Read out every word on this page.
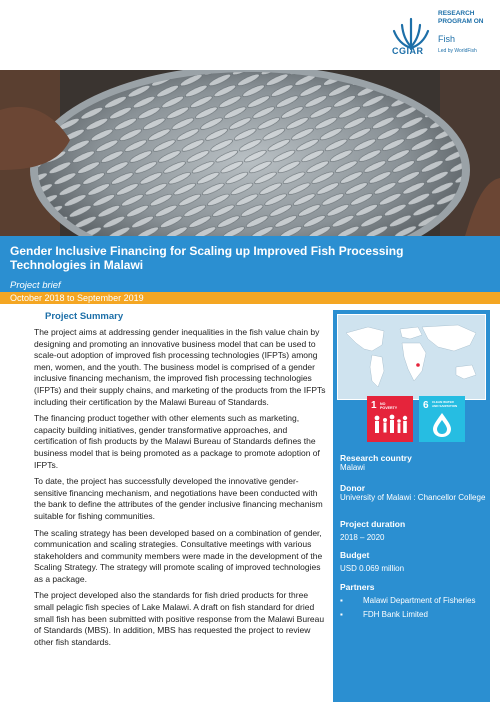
CGIAR
RESEARCH
PROGRAM ON
Fish
Led by WorldFish
Gender Inclusive Financing for Scaling up Improved Fish Processing Technologies in Malawi
Project brief
October 2018 to September 2019
Project Summary

The project aims at addressing gender inequalities in the fish value chain by designing and promoting an innovative business model that can be used to scale-out adoption of improved fish processing technologies (IFPTs) among men, women, and the youth. The business model is comprised of a gender inclusive financing mechanism, the improved fish processing technologies (IFPTs) and their supply chains, and marketing of the products from the IFPTs including their certification by the Malawi Bureau of Standards.

The financing product together with other elements such as marketing, capacity building initiatives, gender transformative approaches, and certification of fish products by the Malawi Bureau of Standards defines the business model that is being promoted as a package to promote adoption of IFPTs.

To date, the project has successfully developed the innovative gender-sensitive financing mechanism, and negotiations have been conducted with the bank to define the attributes of the gender inclusive financing mechanism suitable for fishing communities.

The scaling strategy has been developed based on a combination of gender, communication and scaling strategies. Consultative meetings with various stakeholders and community members were made in the development of the Scaling Strategy. The strategy will promote scaling of improved technologies as a package.

The project developed also the standards for fish dried products for three small pelagic fish species of Lake Malawi. A draft on fish standard for dried small fish has been submitted with positive response from the Malawi Bureau of Standards (MBS). In addition, MBS has requested the project to review other fish standards.

1 NO
POVERTY	6 CLEAN WATER
AND SANITATION
Research country
Malawi
Donor
University of Malawi : Chancellor College
Project duration
2018 – 2020
Budget
USD 0.069 million
Partners
▪	Malawi Department of Fisheries
▪	FDH Bank Limited
